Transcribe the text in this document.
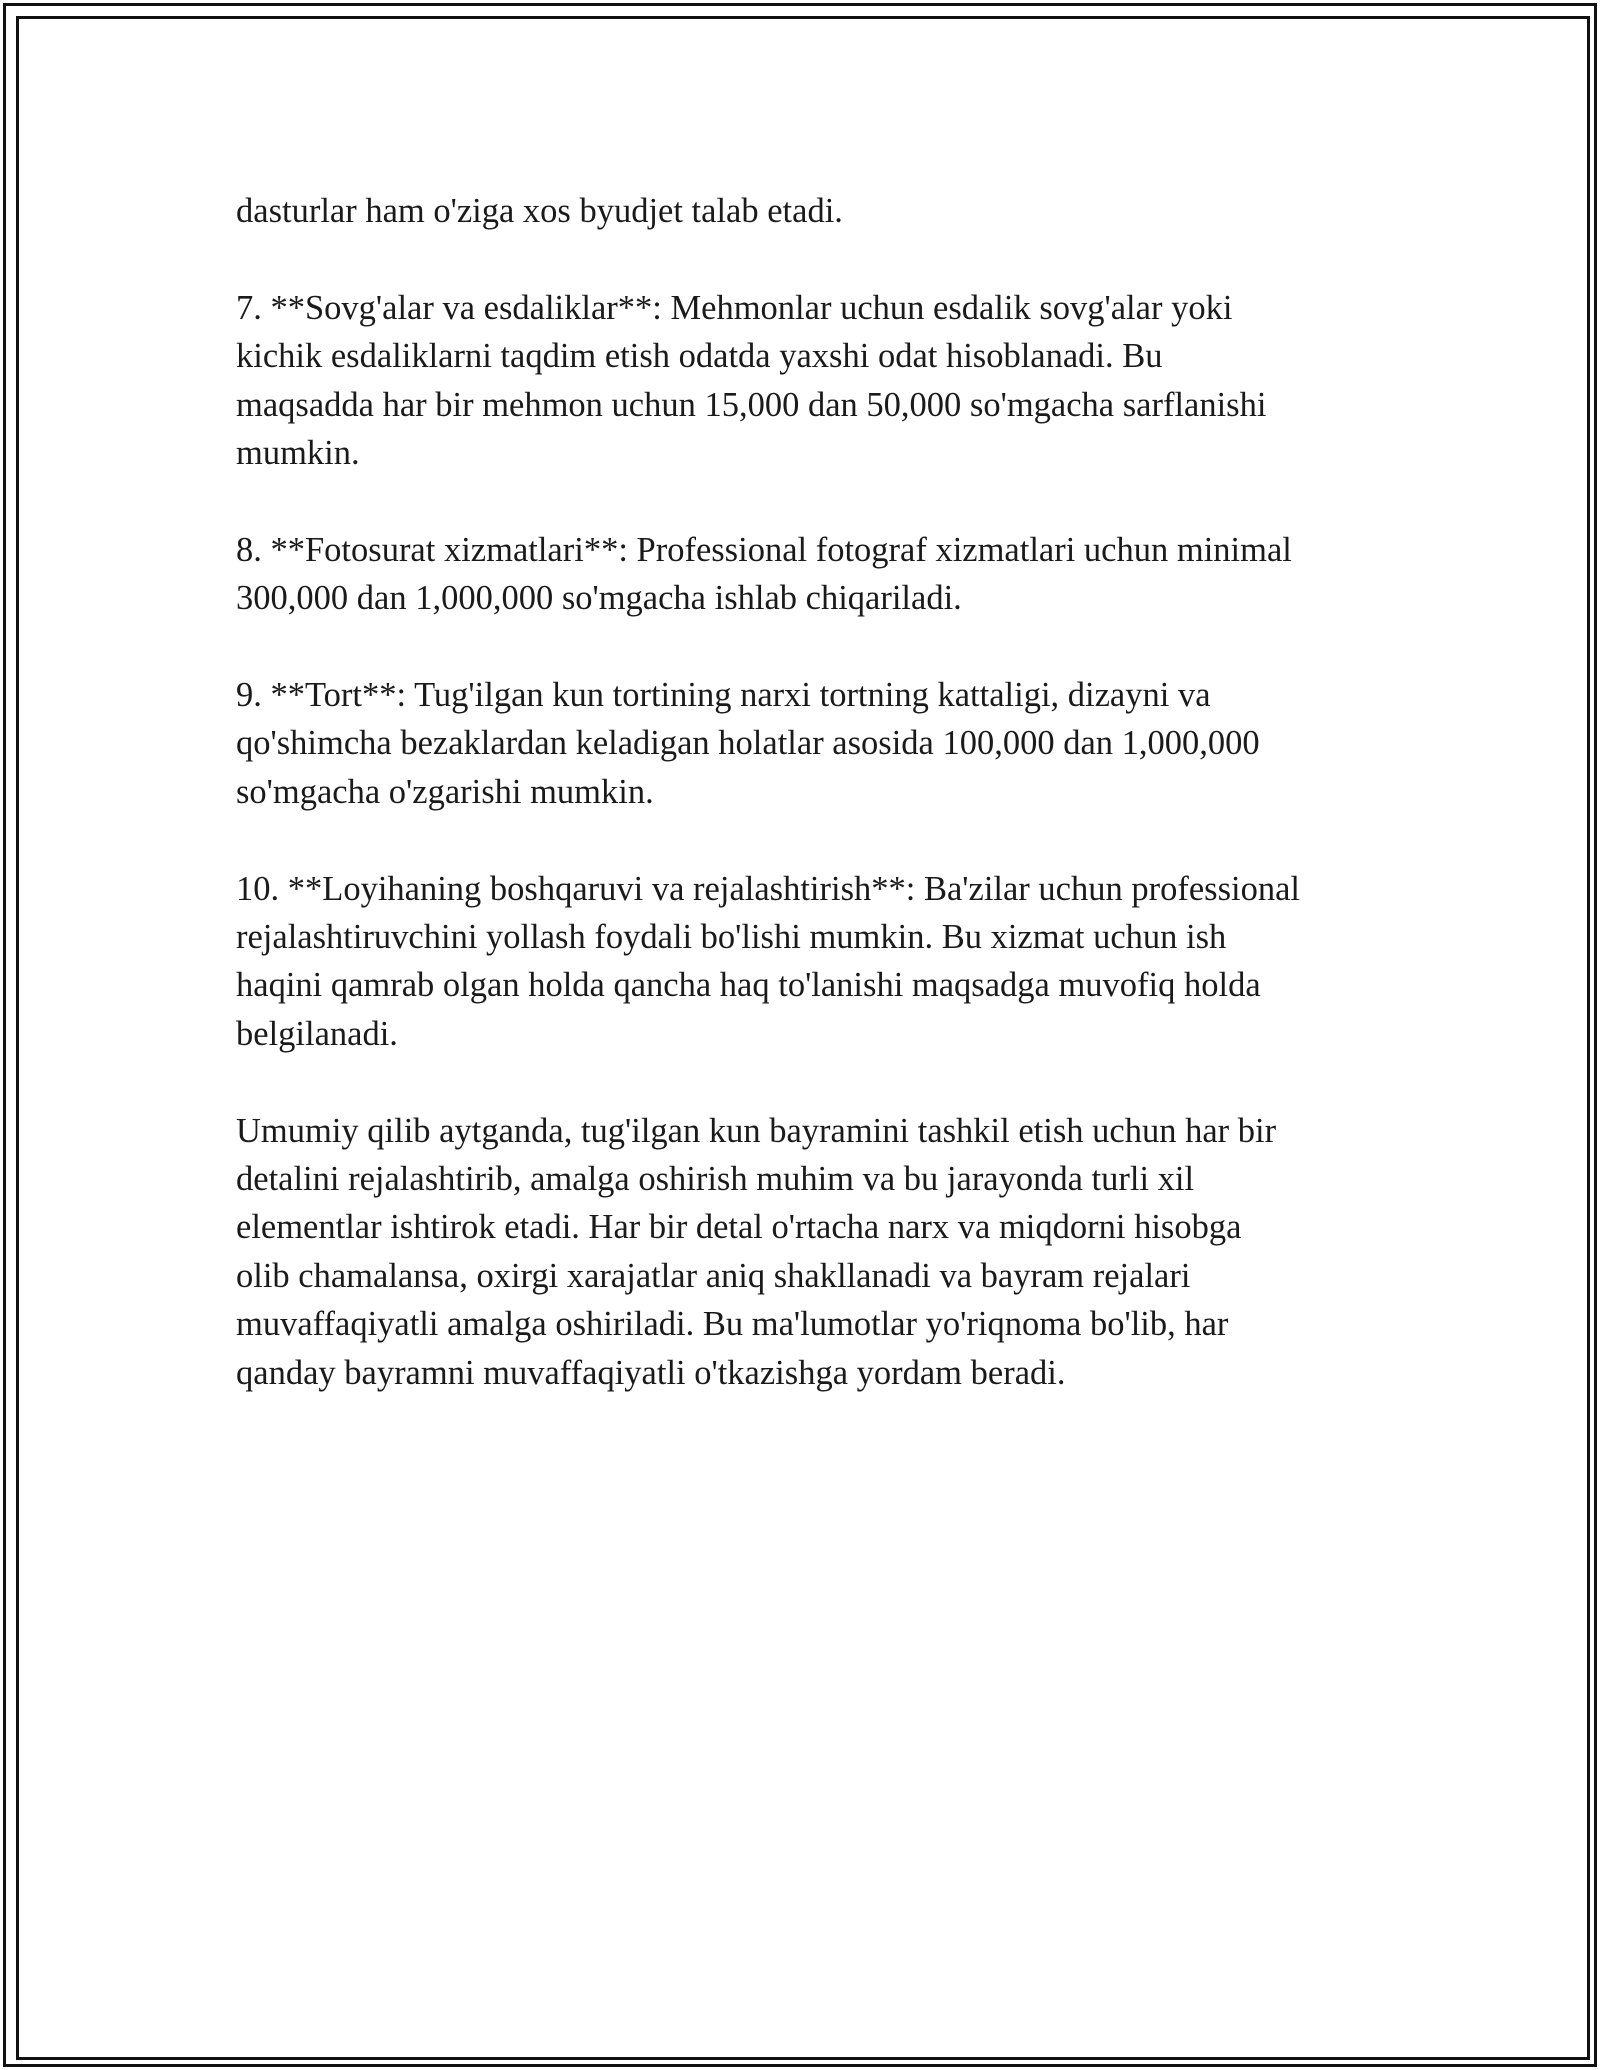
dasturlar ham o'ziga xos byudjet talab etadi.

7. **Sovg'alar va esdaliklar**: Mehmonlar uchun esdalik sovg'alar yoki
kichik esdaliklarni taqdim etish odatda yaxshi odat hisoblanadi. Bu
maqsadda har bir mehmon uchun 15,000 dan 50,000 so'mgacha sarflanishi
mumkin.

8. **Fotosurat xizmatlari**: Professional fotograf xizmatlari uchun minimal
300,000 dan 1,000,000 so'mgacha ishlab chiqariladi.

9. **Tort**: Tug'ilgan kun tortining narxi tortning kattaligi, dizayni va
qo'shimcha bezaklardan keladigan holatlar asosida 100,000 dan 1,000,000
so'mgacha o'zgarishi mumkin.

10. **Loyihaning boshqaruvi va rejalashtirish**: Ba'zilar uchun professional
rejalashtiruvchini yollash foydali bo'lishi mumkin. Bu xizmat uchun ish
haqini qamrab olgan holda qancha haq to'lanishi maqsadga muvofiq holda
belgilanadi.

Umumiy qilib aytganda, tug'ilgan kun bayramini tashkil etish uchun har bir
detalini rejalashtirib, amalga oshirish muhim va bu jarayonda turli xil
elementlar ishtirok etadi. Har bir detal o'rtacha narx va miqdorni hisobga
olib chamalansa, oxirgi xarajatlar aniq shakllanadi va bayram rejalari
muvaffaqiyatli amalga oshiriladi. Bu ma'lumotlar yo'riqnoma bo'lib, har
qanday bayramni muvaffaqiyatli o'tkazishga yordam beradi.
